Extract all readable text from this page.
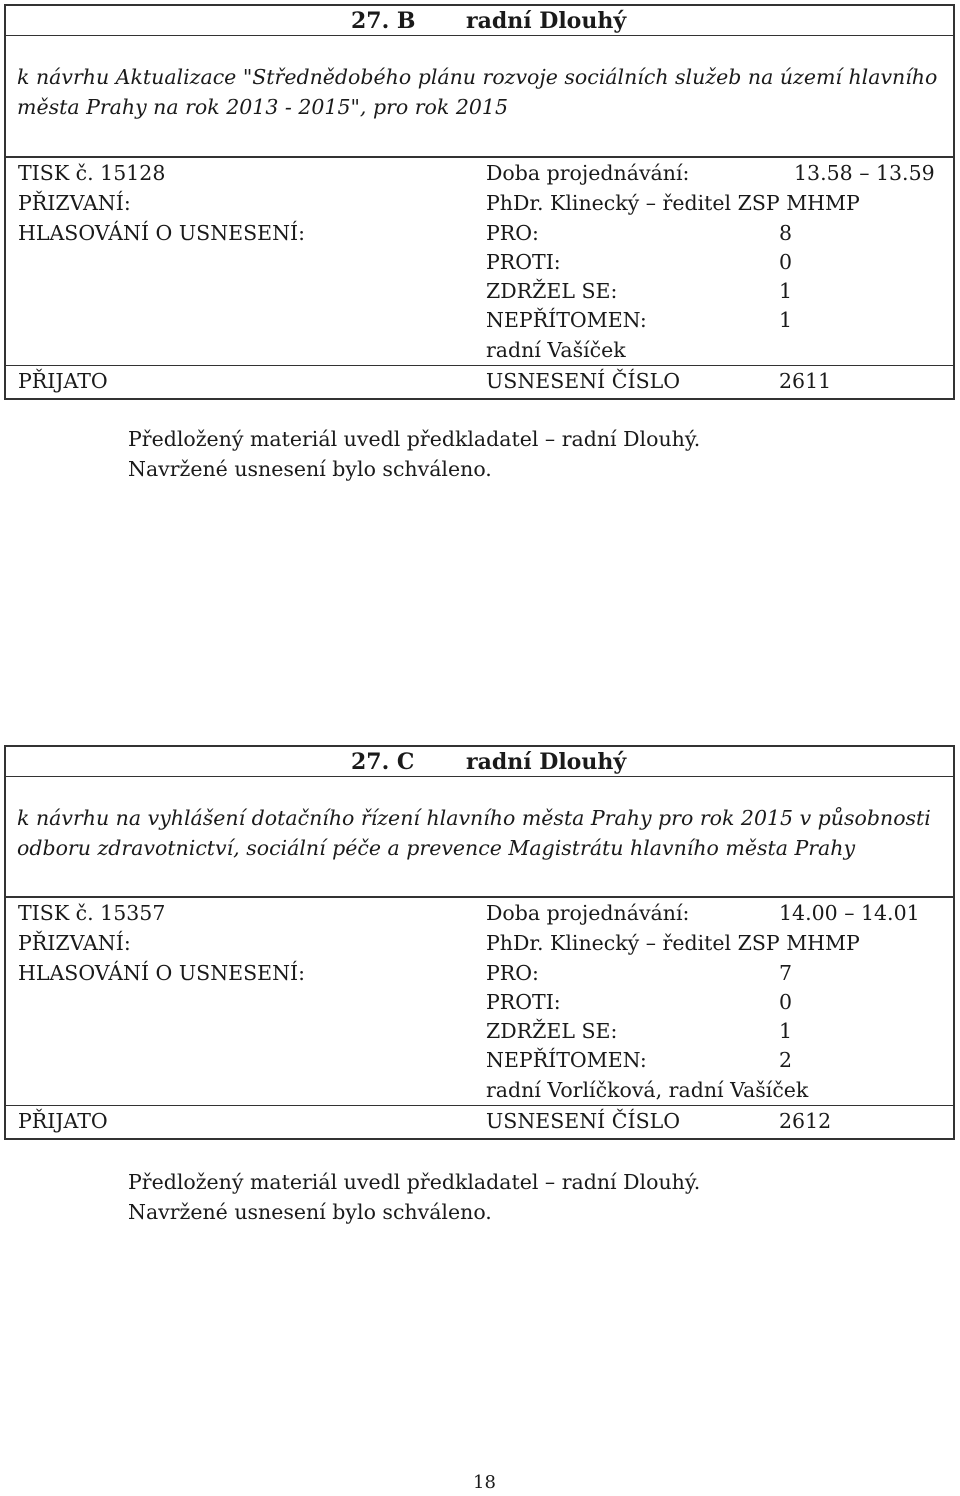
27. B radní Dlouhý
k návrhu Aktualizace "Střednědobého plánu rozvoje sociálních služeb na území hlavního
města Prahy na rok 2013 - 2015", pro rok 2015
TISK č. 15128	Doba projednávání:	13.58 – 13.59
PŘIZVANÍ:	PhDr. Klinecký – ředitel ZSP MHMP
HLASOVÁNÍ O USNESENÍ:	PRO:	8
PROTI:	0
ZDRŽEL SE:	1
NEPŘÍTOMEN:	1
radní Vašíček
PŘIJATO	USNESENÍ ČÍSLO	2611
Předložený materiál uvedl předkladatel – radní Dlouhý.
Navržené usnesení bylo schváleno.
27. C radní Dlouhý
k návrhu na vyhlášení dotačního řízení hlavního města Prahy pro rok 2015 v působnosti
odboru zdravotnictví, sociální péče a prevence Magistrátu hlavního města Prahy
TISK č. 15357	Doba projednávání:	14.00 – 14.01
PŘIZVANÍ:	PhDr. Klinecký – ředitel ZSP MHMP
HLASOVÁNÍ O USNESENÍ:	PRO:	7
PROTI:	0
ZDRŽEL SE:	1
NEPŘÍTOMEN:	2
radní Vorlíčková, radní Vašíček
PŘIJATO	USNESENÍ ČÍSLO	2612
Předložený materiál uvedl předkladatel – radní Dlouhý.
Navržené usnesení bylo schváleno.
18
